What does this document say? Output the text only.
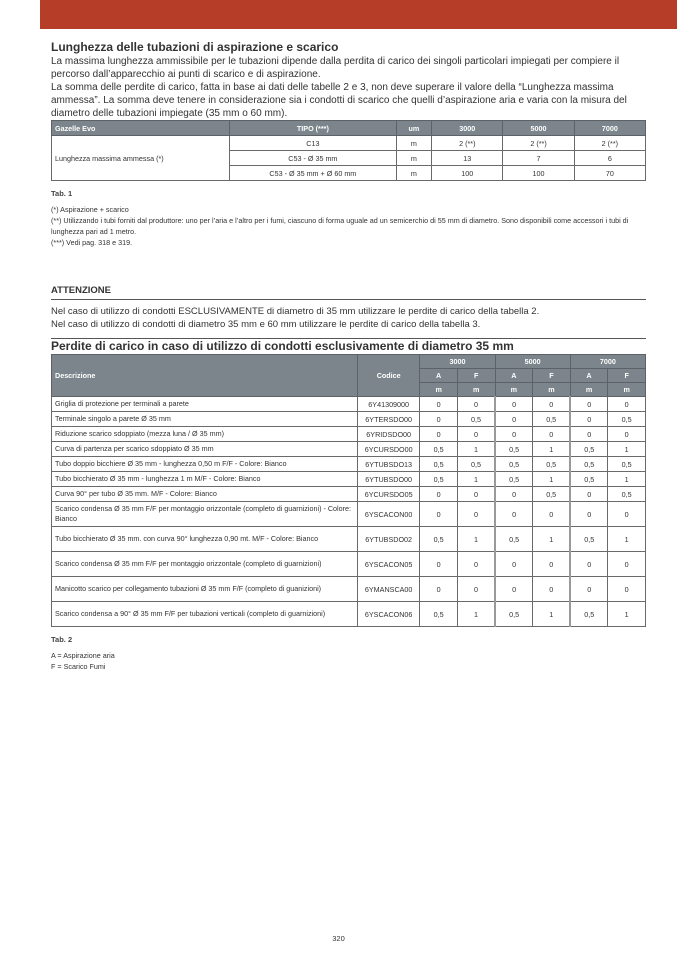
Lunghezza delle tubazioni di aspirazione e scarico

La massima lunghezza ammissibile per le tubazioni dipende dalla perdita di carico dei singoli particolari impiegati per compiere il percorso dall’apparecchio ai punti di scarico e di aspirazione.

La somma delle perdite di carico, fatta in base ai dati delle tabelle 2 e 3, non deve superare il valore della “Lunghezza massima ammessa”. La somma deve tenere in considerazione sia i condotti di scarico che quelli d’aspirazione aria e varia con la misura del diametro delle tubazioni impiegate (35 mm o 60 mm).

Gazelle Evo	TIPO (***)	um	3000	5000	7000
Lunghezza massima ammessa (*)	C13	m	2 (**)	2 (**)	2 (**)
	C53 - Ø 35 mm	m	13	7	6
	C53 - Ø 35 mm + Ø 60 mm	m	100	100	70
Tab. 1
(*) Aspirazione + scarico
(**) Utilizzando i tubi forniti dal produttore: uno per l’aria e l’altro per i fumi, ciascuno di forma uguale ad un semicerchio di 55 mm di diametro. Sono disponibili come accessori i tubi di lunghezza pari ad 1 metro.
(***) Vedi pag. 318 e 319.
ATTENZIONE
Nel caso di utilizzo di condotti ESCLUSIVAMENTE di diametro di 35 mm utilizzare le perdite di carico della tabella 2.
Nel caso di utilizzo di condotti di diametro 35 mm e 60 mm utilizzare le perdite di carico della tabella 3.
Perdite di carico in caso di utilizzo di condotti esclusivamente di diametro 35 mm
Descrizione	Codice	3000		5000		7000	
		A	F	A	F	A	F
		m	m	m	m	m	m
Griglia di protezione per terminali a parete	6Y41309000	0	0	0	0	0	0
Terminale singolo a parete Ø 35 mm	6YTERSDO00	0	0,5	0	0,5	0	0,5
Riduzione scarico sdoppiato (mezza luna / Ø 35 mm)	6YRIDSDO00	0	0	0	0	0	0
Curva di partenza per scarico sdoppiato Ø 35 mm	6YCURSDO00	0,5	1	0,5	1	0,5	1
Tubo doppio bicchiere Ø 35 mm - lunghezza 0,50 m F/F - Colore: Bianco	6YTUBSDO13	0,5	0,5	0,5	0,5	0,5	0,5
Tubo bicchierato Ø 35 mm - lunghezza 1 m M/F - Colore: Bianco	6YTUBSDO00	0,5	1	0,5	1	0,5	1
Curva 90° per tubo Ø 35 mm. M/F - Colore: Bianco	6YCURSDO05	0	0	0	0,5	0	0,5
Scarico condensa Ø 35 mm F/F per montaggio orizzontale (completo di guarnizioni) - Colore: Bianco	6YSCACON00	0	0	0	0	0	0
Tubo bicchierato Ø 35 mm. con curva 90° lunghezza 0,90 mt. M/F - Colore: Bianco	6YTUBSDO02	0,5	1	0,5	1	0,5	1
Scarico condensa Ø 35 mm F/F per montaggio orizzontale (completo di guarnizioni)	6YSCACON05	0	0	0	0	0	0
Manicotto scarico per collegamento tubazioni Ø 35 mm F/F (completo di guanizioni)	6YMANSCA00	0	0	0	0	0	0
Scarico condensa a 90° Ø 35 mm F/F per tubazioni verticali (completo di guarnizioni)	6YSCACON06	0,5	1	0,5	1	0,5	1
Tab. 2
A = Aspirazione aria
F = Scarico Fumi
320
